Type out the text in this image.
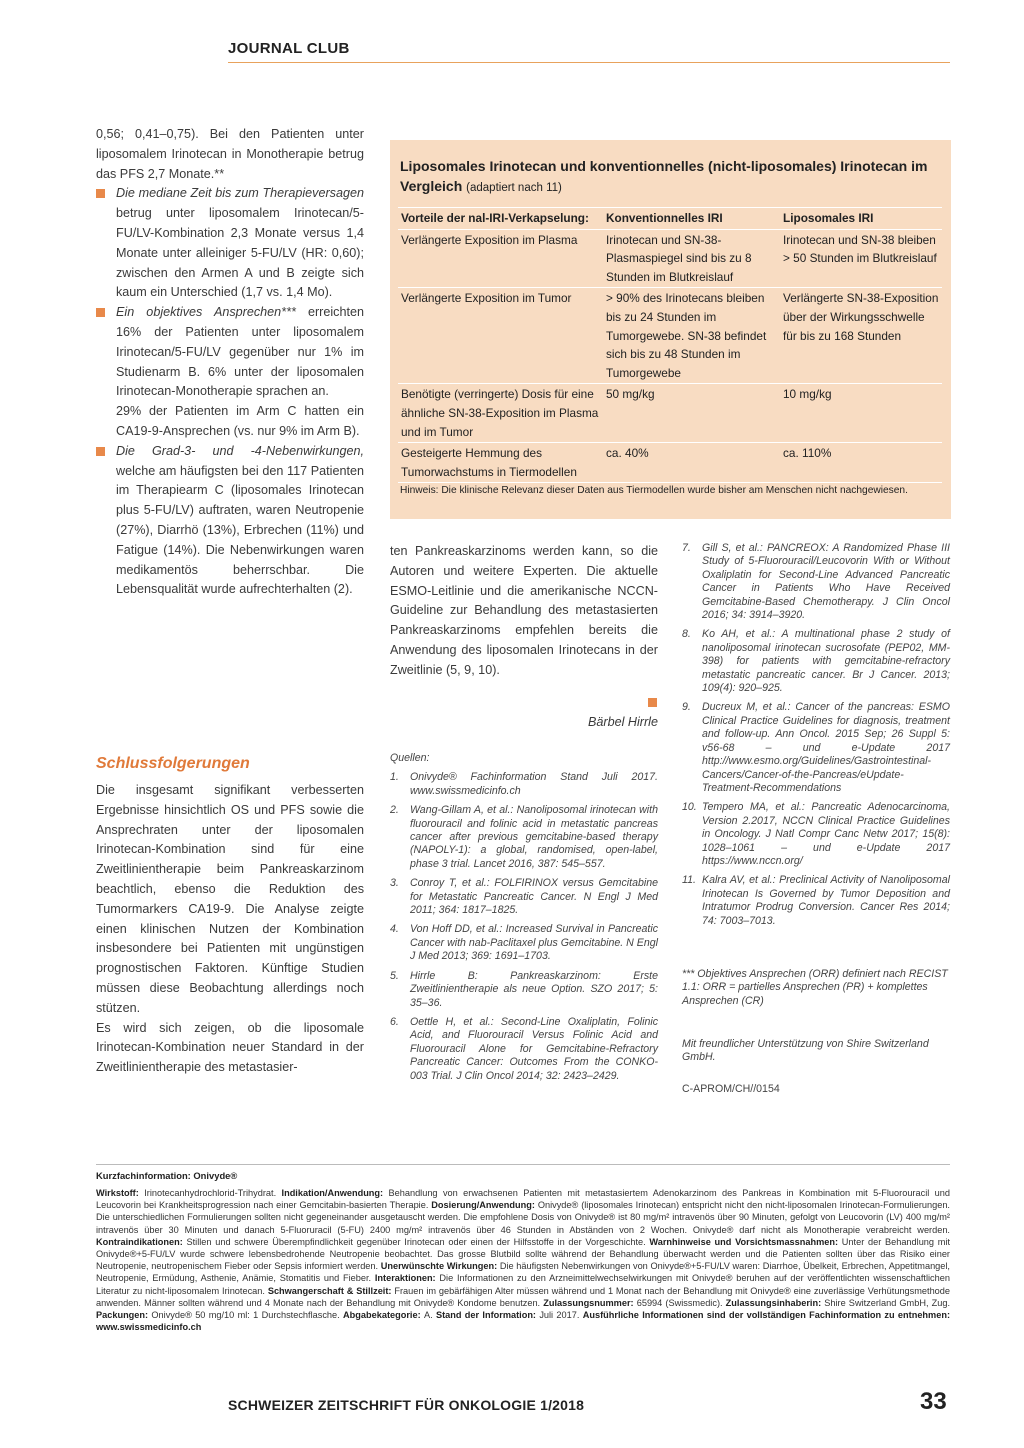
JOURNAL CLUB

0,56; 0,41–0,75). Bei den Patienten unter liposomalem Irinotecan in Monotherapie betrug das PFS 2,7 Monate.**

Die mediane Zeit bis zum Therapieversagen betrug unter liposomalem Irinotecan/5-FU/LV-Kombination 2,3 Monate versus 1,4 Monate unter alleiniger 5-FU/LV (HR: 0,60); zwischen den Armen A und B zeigte sich kaum ein Unterschied (1,7 vs. 1,4 Mo).

Ein objektives Ansprechen*** erreichten 16% der Patienten unter liposomalem Irinotecan/5-FU/LV gegenüber nur 1% im Studienarm B. 6% unter der liposomalen Irinotecan-Monotherapie sprachen an.

29% der Patienten im Arm C hatten ein CA19-9-Ansprechen (vs. nur 9% im Arm B).

Die Grad-3- und -4-Nebenwirkungen, welche am häufigsten bei den 117 Patienten im Therapiearm C (liposomales Irinotecan plus 5-FU/LV) auftraten, waren Neutropenie (27%), Diarrhö (13%), Erbrechen (11%) und Fatigue (14%). Die Nebenwirkungen waren medikamentös beherrschbar. Die Lebensqualität wurde aufrechterhalten (2).

Schlussfolgerungen

Die insgesamt signifikant verbesserten Ergebnisse hinsichtlich OS und PFS sowie die Ansprechraten unter der liposomalen Irinotecan-Kombination sind für eine Zweitlinientherapie beim Pankreaskarzinom beachtlich, ebenso die Reduktion des Tumormarkers CA19-9. Die Analyse zeigte einen klinischen Nutzen der Kombination insbesondere bei Patienten mit ungünstigen prognostischen Faktoren. Künftige Studien müssen diese Beobachtung allerdings noch stützen.

Es wird sich zeigen, ob die liposomale Irinotecan-Kombination neuer Standard in der Zweitlinientherapie des metastasier-

Liposomales Irinotecan und konventionnelles (nicht-liposomales) Irinotecan im Vergleich (adaptiert nach 11)
Vorteile der nal-IRI-Verkapselung:	Konventionnelles IRI	Liposomales IRI
Verlängerte Exposition im Plasma	Irinotecan und SN-38-Plasmaspiegel sind bis zu 8 Stunden im Blutkreislauf	Irinotecan und SN-38 bleiben > 50 Stunden im Blutkreislauf
Verlängerte Exposition im Tumor	> 90% des Irinotecans bleiben bis zu 24 Stunden im Tumorgewebe. SN-38 befindet sich bis zu 48 Stunden im Tumorgewebe	Verlängerte SN-38-Exposition über der Wirkungsschwelle für bis zu 168 Stunden
Benötigte (verringerte) Dosis für eine ähnliche SN-38-Exposition im Plasma und im Tumor	50 mg/kg	10 mg/kg
Gesteigerte Hemmung des Tumorwachstums in Tiermodellen	ca. 40%	ca. 110%
Hinweis: Die klinische Relevanz dieser Daten aus Tiermodellen wurde bisher am Menschen nicht nachgewiesen.

ten Pankreaskarzinoms werden kann, so die Autoren und weitere Experten. Die aktuelle ESMO-Leitlinie und die amerikanische NCCN-Guideline zur Behandlung des metastasierten Pankreaskarzinoms empfehlen bereits die Anwendung des liposomalen Irinotecans in der Zweitlinie (5, 9, 10).

Bärbel Hirrle
Quellen:
1. Onivyde® Fachinformation Stand Juli 2017. www.swissmedicinfo.ch
2. Wang-Gillam A, et al.: Nanoliposomal irinotecan with fluorouracil and folinic acid in metastatic pancreas cancer after previous gemcitabine-based therapy (NAPOLY-1): a global, randomised, open-label, phase 3 trial. Lancet 2016, 387: 545–557.
3. Conroy T, et al.: FOLFIRINOX versus Gemcitabine for Metastatic Pancreatic Cancer. N Engl J Med 2011; 364: 1817–1825.
4. Von Hoff DD, et al.: Increased Survival in Pancreatic Cancer with nab-Paclitaxel plus Gemcitabine. N Engl J Med 2013; 369: 1691–1703.
5. Hirrle B: Pankreaskarzinom: Erste Zweitlinientherapie als neue Option. SZO 2017; 5: 35–36.
6. Oettle H, et al.: Second-Line Oxaliplatin, Folinic Acid, and Fluorouracil Versus Folinic Acid and Fluorouracil Alone for Gemcitabine-Refractory Pancreatic Cancer: Outcomes From the CONKO-003 Trial. J Clin Oncol 2014; 32: 2423–2429.
7. Gill S, et al.: PANCREOX: A Randomized Phase III Study of 5-Fluorouracil/Leucovorin With or Without Oxaliplatin for Second-Line Advanced Pancreatic Cancer in Patients Who Have Received Gemcitabine-Based Chemotherapy. J Clin Oncol 2016; 34: 3914–3920.
8. Ko AH, et al.: A multinational phase 2 study of nanoliposomal irinotecan sucrosofate (PEP02, MM-398) for patients with gemcitabine-refractory metastatic pancreatic cancer. Br J Cancer. 2013; 109(4): 920–925.
9. Ducreux M, et al.: Cancer of the pancreas: ESMO Clinical Practice Guidelines for diagnosis, treatment and follow-up. Ann Oncol. 2015 Sep; 26 Suppl 5: v56-68 – und e-Update 2017 http://www.esmo.org/Guidelines/Gastrointestinal-Cancers/Cancer-of-the-Pancreas/eUpdate-Treatment-Recommendations
10. Tempero MA, et al.: Pancreatic Adenocarcinoma, Version 2.2017, NCCN Clinical Practice Guidelines in Oncology. J Natl Compr Canc Netw 2017; 15(8): 1028–1061 – und e-Update 2017 https://www.nccn.org/
11. Kalra AV, et al.: Preclinical Activity of Nanoliposomal Irinotecan Is Governed by Tumor Deposition and Intratumor Prodrug Conversion. Cancer Res 2014; 74: 7003–7013.
*** Objektives Ansprechen (ORR) definiert nach RECIST 1.1: ORR = partielles Ansprechen (PR) + komplettes Ansprechen (CR)
Mit freundlicher Unterstützung von Shire Switzerland GmbH.
C-APROM/CH//0154
Kurzfachinformation: Onivyde®
Wirkstoff: Irinotecanhydrochlorid-Trihydrat. Indikation/Anwendung: Behandlung von erwachsenen Patienten mit metastasiertem Adenokarzinom des Pankreas in Kombination mit 5-Fluorouracil und Leucovorin bei Krankheitsprogression nach einer Gemcitabin-basierten Therapie. Dosierung/Anwendung: Onivyde® (liposomales Irinotecan) entspricht nicht den nicht-liposomalen Irinotecan-Formulierungen. Die unterschiedlichen Formulierungen sollten nicht gegeneinander ausgetauscht werden. Die empfohlene Dosis von Onivyde® ist 80 mg/m² intravenös über 90 Minuten, gefolgt von Leucovorin (LV) 400 mg/m² intravenös über 30 Minuten und danach 5-Fluoruracil (5-FU) 2400 mg/m² intravenös über 46 Stunden in Abständen von 2 Wochen. Onivyde® darf nicht als Monotherapie verabreicht werden. Kontraindikationen: Stillen und schwere Überempfindlichkeit gegenüber Irinotecan oder einen der Hilfsstoffe in der Vorgeschichte. Warnhinweise und Vorsichtsmassnahmen: Unter der Behandlung mit Onivyde®+5-FU/LV wurde schwere lebensbedrohende Neutropenie beobachtet. Das grosse Blutbild sollte während der Behandlung überwacht werden und die Patienten sollten über das Risiko einer Neutropenie, neutropenischem Fieber oder Sepsis informiert werden. Unerwünschte Wirkungen: Die häufigsten Nebenwirkungen von Onivyde®+5-FU/LV waren: Diarrhoe, Übelkeit, Erbrechen, Appetitmangel, Neutropenie, Ermüdung, Asthenie, Anämie, Stomatitis und Fieber. Interaktionen: Die Informationen zu den Arzneimittelwechselwirkungen mit Onivyde® beruhen auf der veröffentlichten wissenschaftlichen Literatur zu nicht-liposomalem Irinotecan. Schwangerschaft & Stillzeit: Frauen im gebärfähigen Alter müssen während und 1 Monat nach der Behandlung mit Onivyde® eine zuverlässige Verhütungsmethode anwenden. Männer sollten während und 4 Monate nach der Behandlung mit Onivyde® Kondome benutzen. Zulassungsnummer: 65994 (Swissmedic). Zulassungsinhaberin: Shire Switzerland GmbH, Zug. Packungen: Onivyde® 50 mg/10 ml: 1 Durchstechflasche. Abgabekategorie: A. Stand der Information: Juli 2017. Ausführliche Informationen sind der vollständigen Fachinformation zu entnehmen: www.swissmedicinfo.ch
SCHWEIZER ZEITSCHRIFT FÜR ONKOLOGIE 1/2018	33
